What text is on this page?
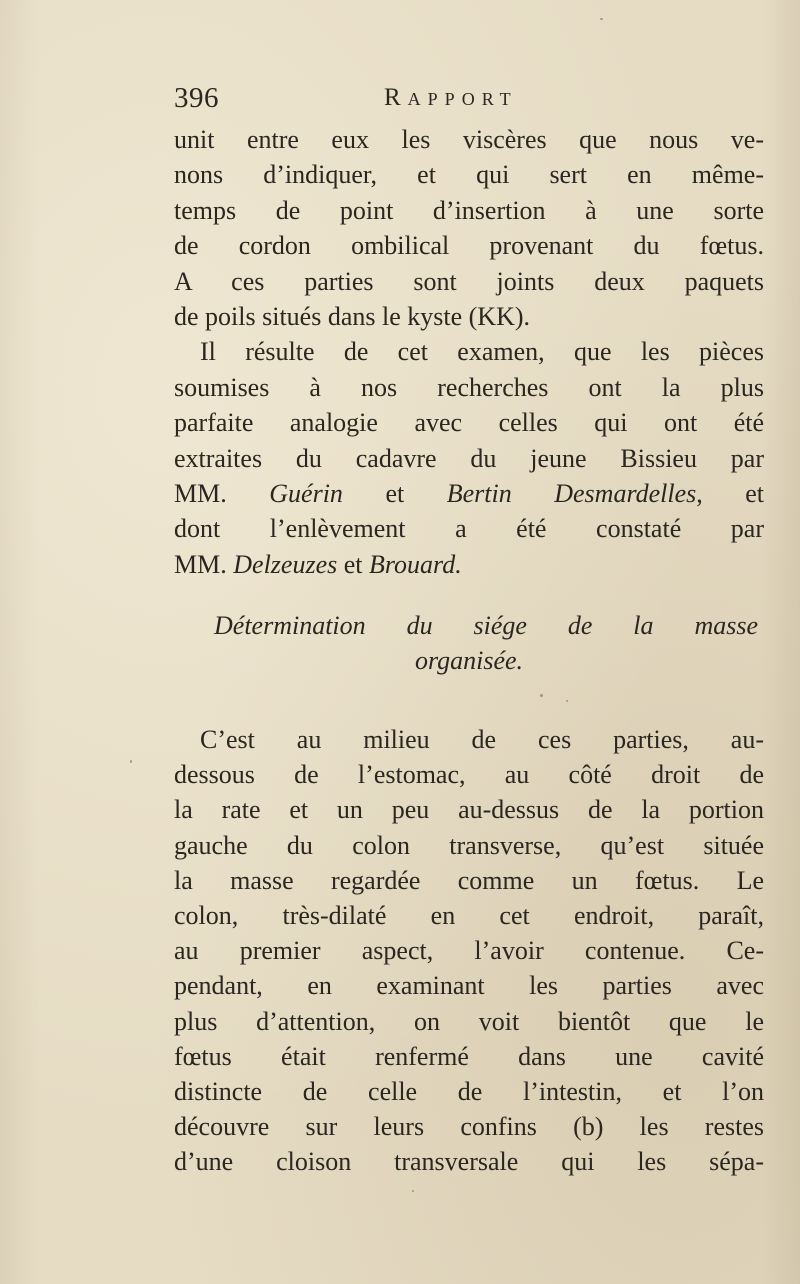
396	Rapport
unit entre eux les viscères que nous ve-
nons d’indiquer, et qui sert en même-
temps de point d’insertion à une sorte
de cordon ombilical provenant du fœtus.
A ces parties sont joints deux paquets
de poils situés dans le kyste (KK).
Il résulte de cet examen, que les pièces
soumises à nos recherches ont la plus
parfaite analogie avec celles qui ont été
extraites du cadavre du jeune Bissieu par
MM. Guérin et Bertin Desmardelles, et
dont l’enlèvement a été constaté par
MM. Delzeuzes et Brouard.
Détermination du siége de la masse
organisée.
C’est au milieu de ces parties, au-
dessous de l’estomac, au côté droit de
la rate et un peu au-dessus de la portion
gauche du colon transverse, qu’est située
la masse regardée comme un fœtus. Le
colon, très-dilaté en cet endroit, paraît,
au premier aspect, l’avoir contenue. Ce-
pendant, en examinant les parties avec
plus d’attention, on voit bientôt que le
fœtus était renfermé dans une cavité
distincte de celle de l’intestin, et l’on
découvre sur leurs confins (b) les restes
d’une cloison transversale qui les sépa-
